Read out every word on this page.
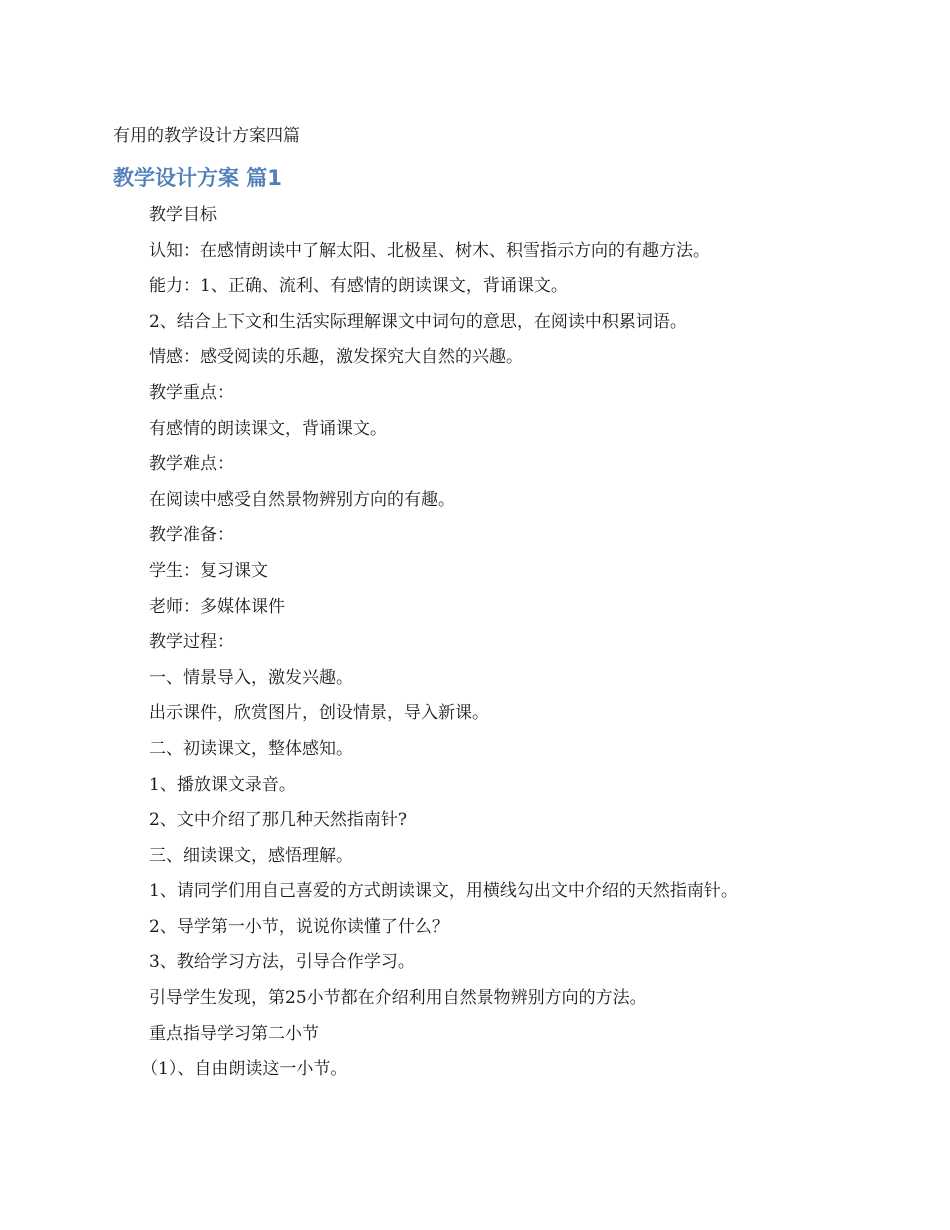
有用的教学设计方案四篇
教学设计方案 篇1
教学目标
认知：在感情朗读中了解太阳、北极星、树木、积雪指示方向的有趣方法。
能力：1、正确、流利、有感情的朗读课文，背诵课文。
2、结合上下文和生活实际理解课文中词句的意思，在阅读中积累词语。
情感：感受阅读的乐趣，激发探究大自然的兴趣。
教学重点：
有感情的朗读课文，背诵课文。
教学难点：
在阅读中感受自然景物辨别方向的有趣。
教学准备：
学生：复习课文
老师：多媒体课件
教学过程：
一、情景导入，激发兴趣。
出示课件，欣赏图片，创设情景，导入新课。
二、初读课文，整体感知。
1、播放课文录音。
2、文中介绍了那几种天然指南针?
三、细读课文，感悟理解。
1、请同学们用自己喜爱的方式朗读课文，用横线勾出文中介绍的天然指南针。
2、导学第一小节，说说你读懂了什么？
3、教给学习方法，引导合作学习。
引导学生发现，第25小节都在介绍利用自然景物辨别方向的方法。
重点指导学习第二小节
（1）、自由朗读这一小节。
